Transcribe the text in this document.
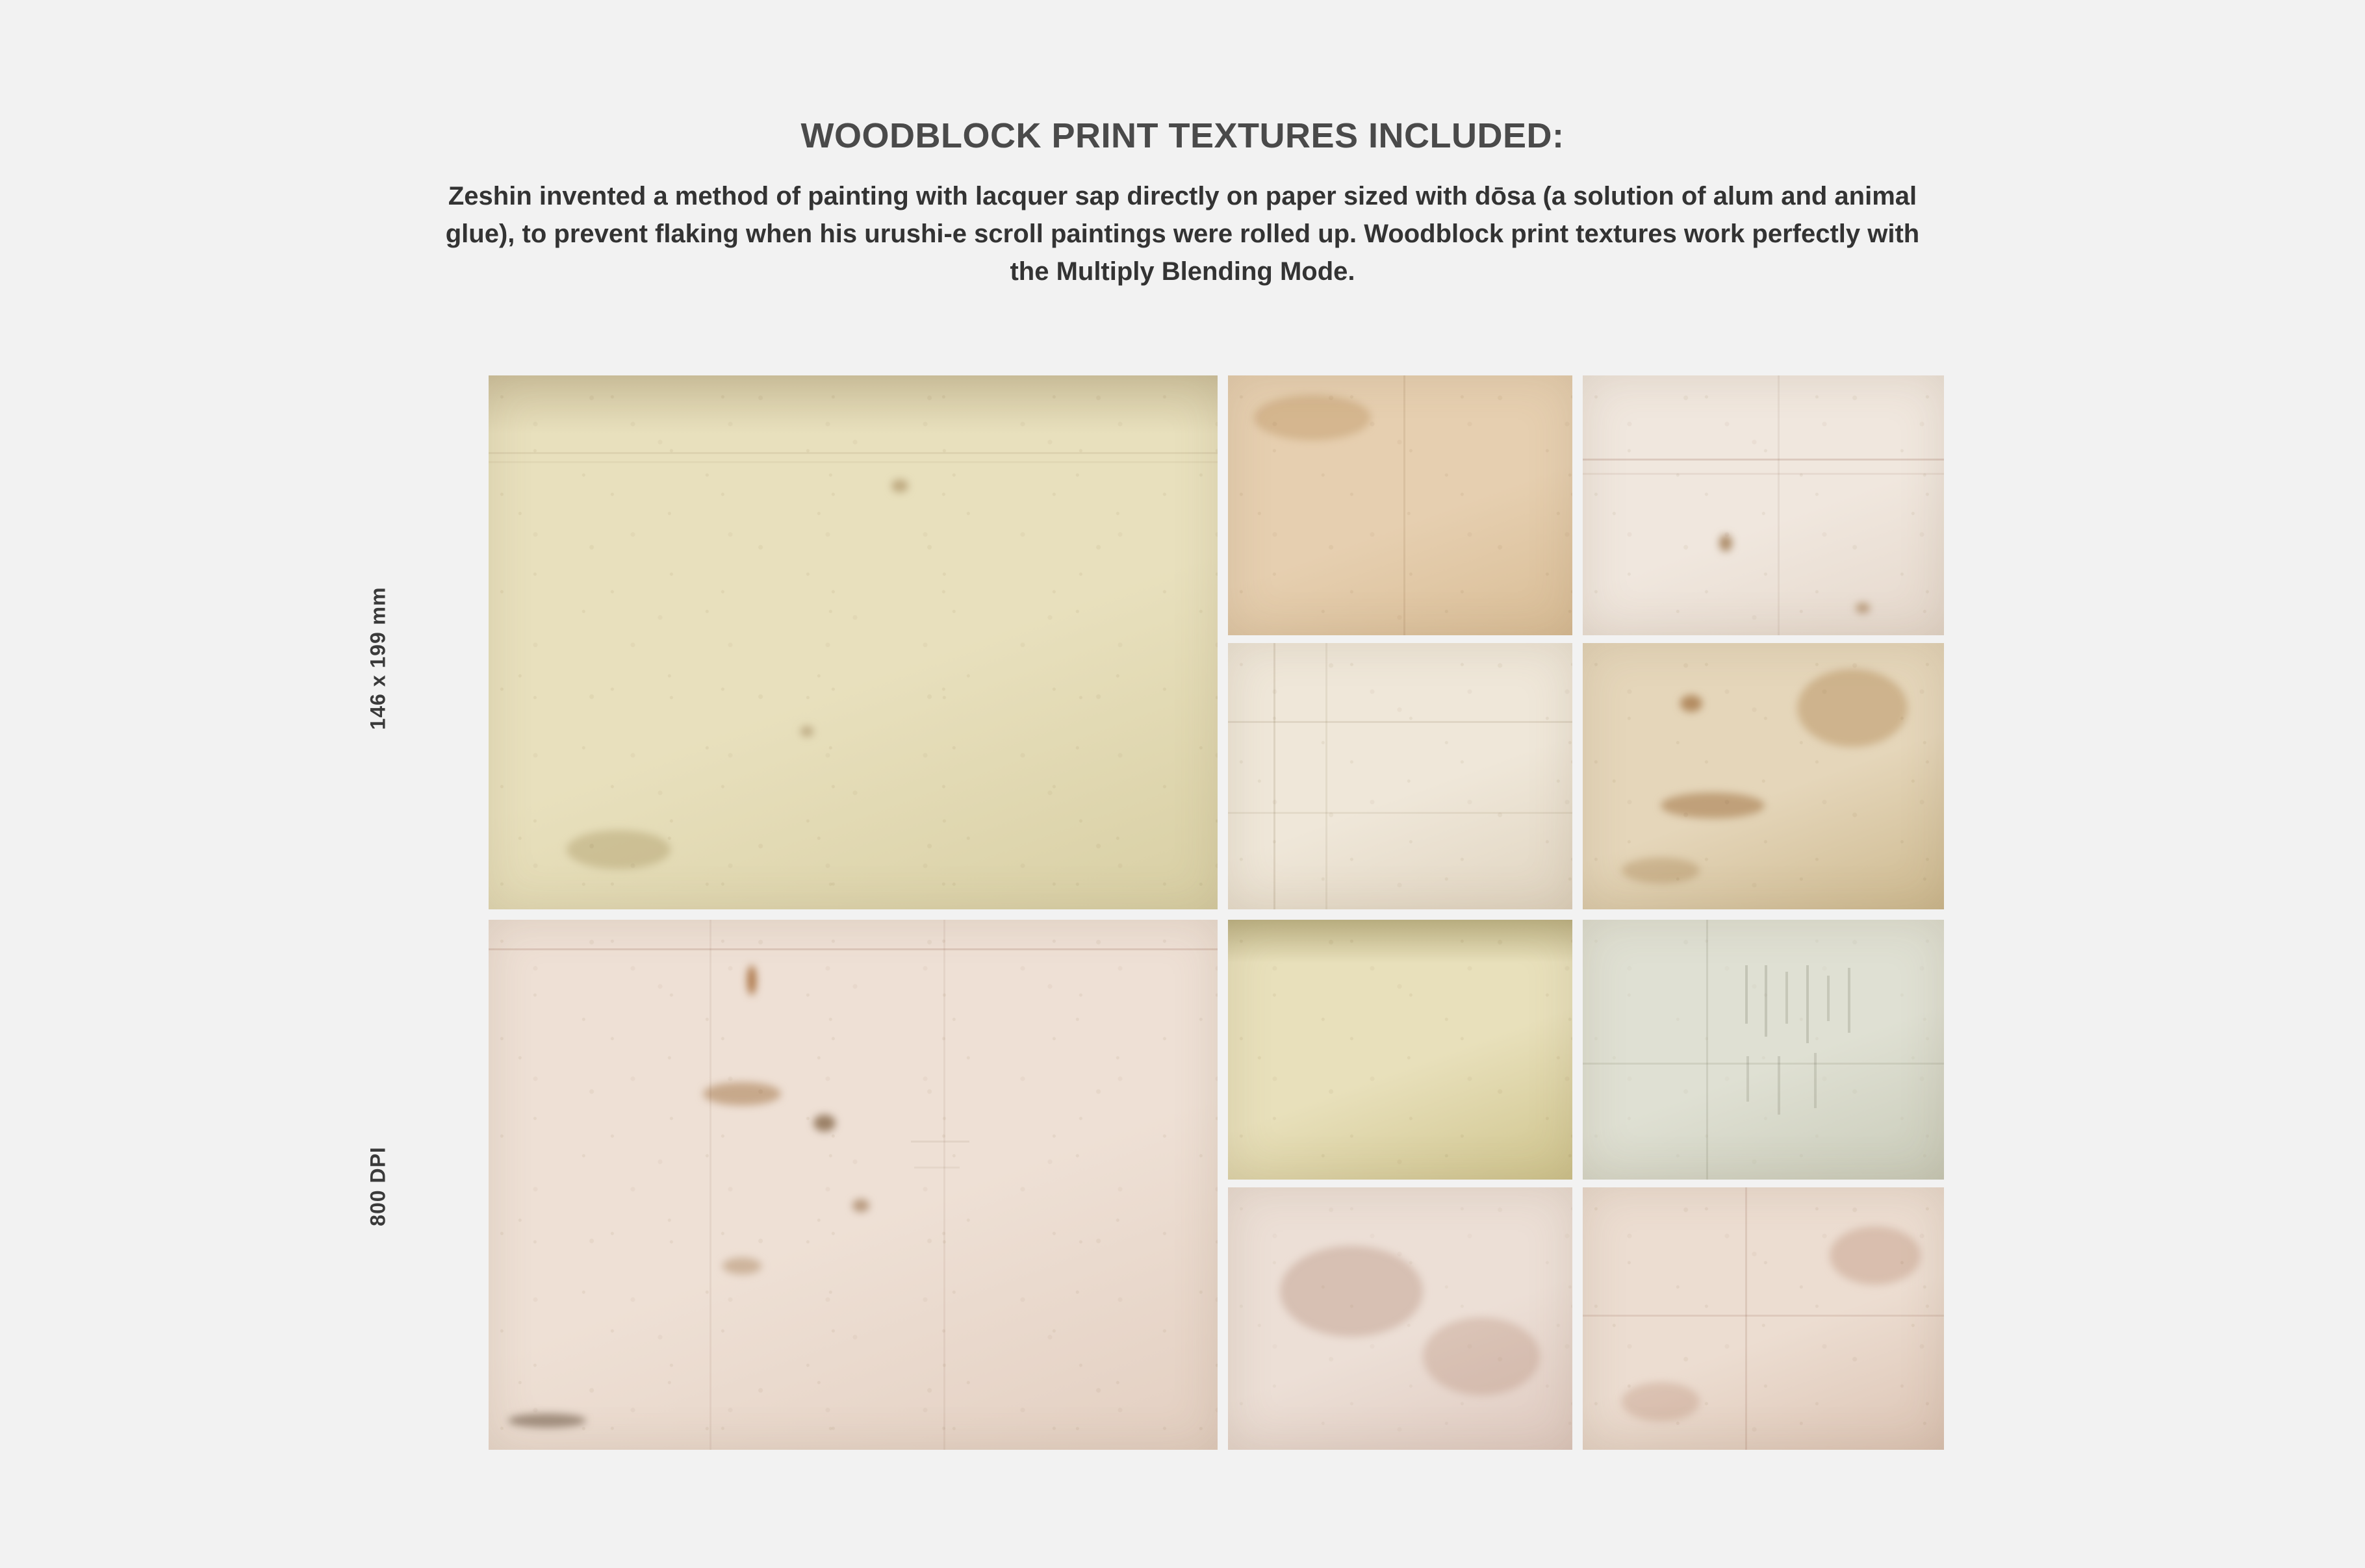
WOODBLOCK PRINT TEXTURES INCLUDED:

Zeshin invented a method of painting with lacquer sap directly on paper sized with dōsa (a solution of alum and animal glue), to prevent flaking when his urushi-e scroll paintings were rolled up. Woodblock print textures work perfectly with the Multiply Blending Mode.

146 x 199 mm
800 DPI
